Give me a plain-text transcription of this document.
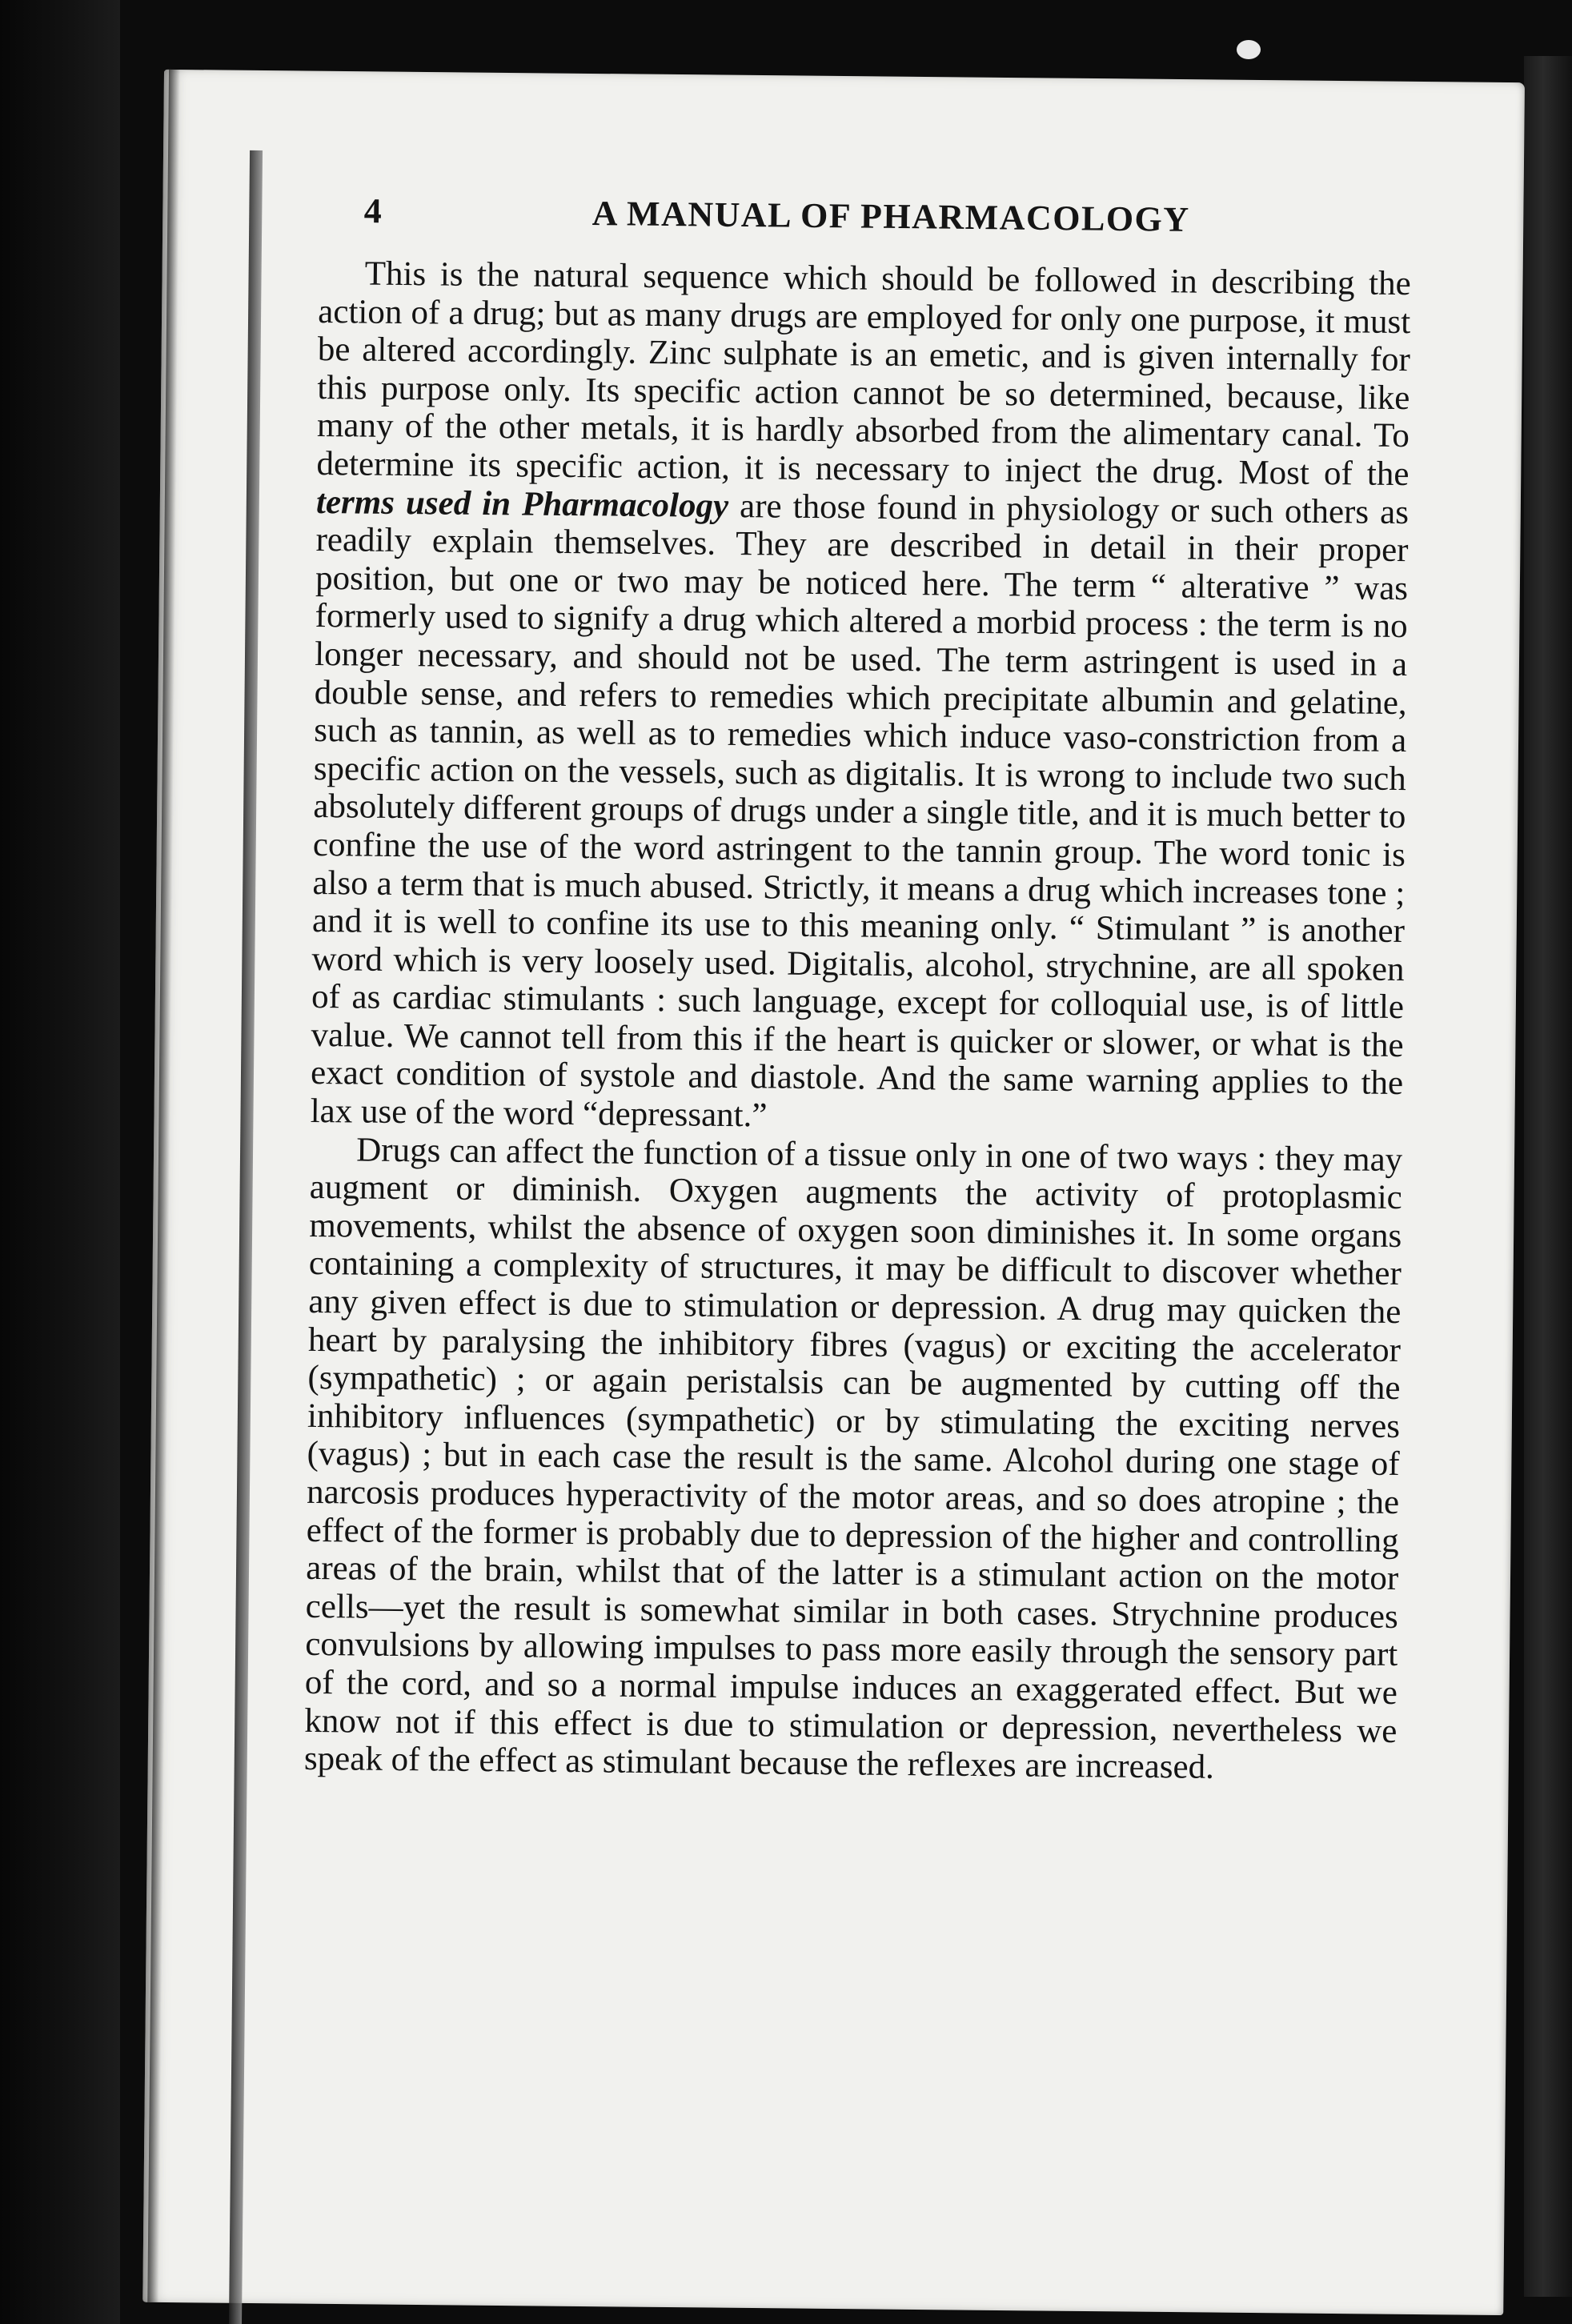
4	A MANUAL OF PHARMACOLOGY

This is the natural sequence which should be followed in describing the action of a drug; but as many drugs are employed for only one purpose, it must be altered accordingly. Zinc sulphate is an emetic, and is given internally for this purpose only. Its specific action cannot be so determined, because, like many of the other metals, it is hardly absorbed from the alimentary canal. To determine its specific action, it is necessary to inject the drug. Most of the terms used in Pharmacology are those found in physiology or such others as readily explain themselves. They are described in detail in their proper position, but one or two may be noticed here. The term “ alterative ” was formerly used to signify a drug which altered a morbid process : the term is no longer necessary, and should not be used. The term astringent is used in a double sense, and refers to remedies which precipitate albumin and gelatine, such as tannin, as well as to remedies which induce vaso-constriction from a specific action on the vessels, such as digitalis. It is wrong to include two such absolutely different groups of drugs under a single title, and it is much better to confine the use of the word astringent to the tannin group. The word tonic is also a term that is much abused. Strictly, it means a drug which increases tone ; and it is well to confine its use to this meaning only. “ Stimulant ” is another word which is very loosely used. Digitalis, alcohol, strychnine, are all spoken of as cardiac stimulants : such language, except for colloquial use, is of little value. We cannot tell from this if the heart is quicker or slower, or what is the exact condition of systole and diastole. And the same warning applies to the lax use of the word “depressant.”

Drugs can affect the function of a tissue only in one of two ways : they may augment or diminish. Oxygen augments the activity of protoplasmic movements, whilst the absence of oxygen soon diminishes it. In some organs containing a complexity of structures, it may be difficult to discover whether any given effect is due to stimulation or depression. A drug may quicken the heart by paralysing the inhibitory fibres (vagus) or exciting the accelerator (sympathetic) ; or again peristalsis can be augmented by cutting off the inhibitory influences (sympathetic) or by stimulating the exciting nerves (vagus) ; but in each case the result is the same. Alcohol during one stage of narcosis produces hyperactivity of the motor areas, and so does atropine ; the effect of the former is probably due to depression of the higher and controlling areas of the brain, whilst that of the latter is a stimulant action on the motor cells—yet the result is somewhat similar in both cases. Strychnine produces convulsions by allowing impulses to pass more easily through the sensory part of the cord, and so a normal impulse induces an exaggerated effect. But we know not if this effect is due to stimulation or depression, nevertheless we speak of the effect as stimulant because the reflexes are increased.
